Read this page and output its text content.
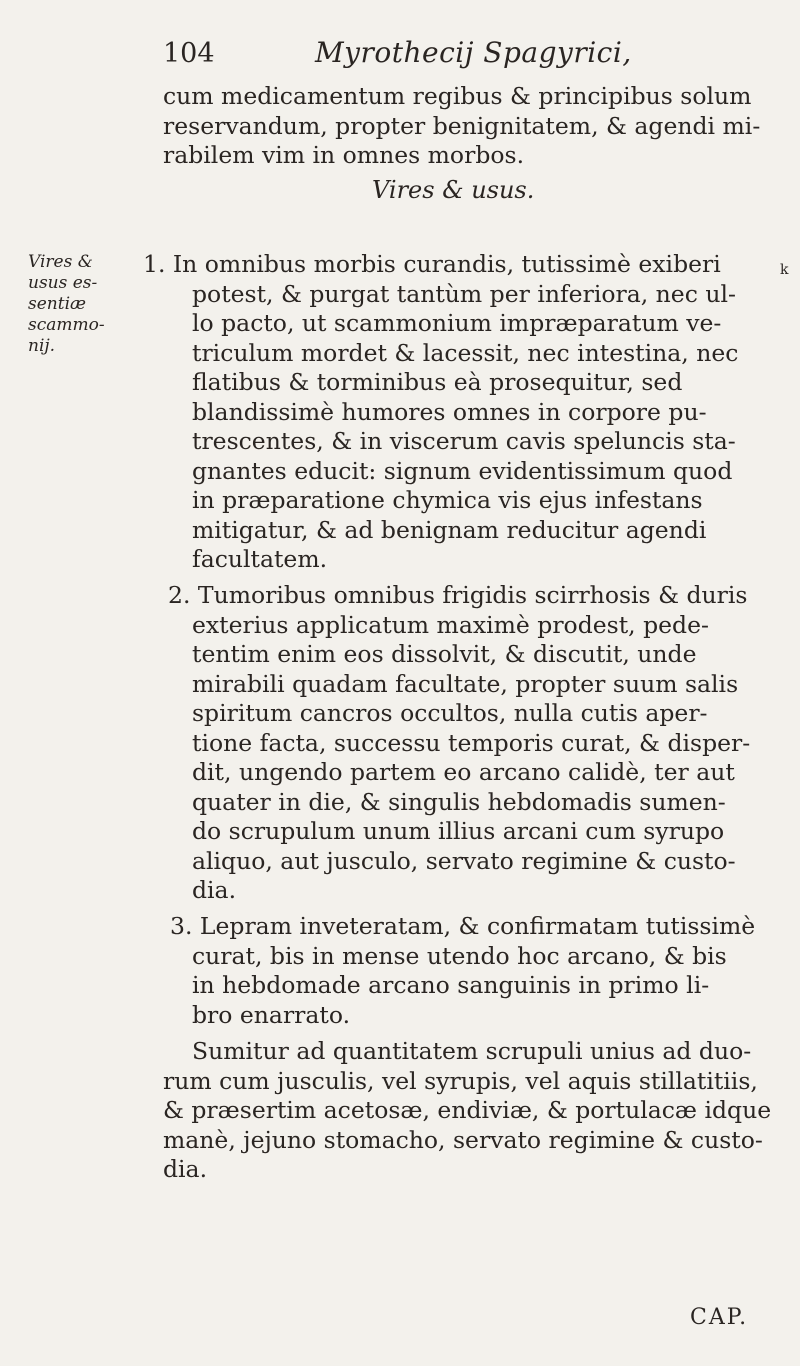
104	Myrothecij Spagyrici,
cum medicamentum regibus & principibus solum
reservandum, propter benignitatem, & agendi mi-
rabilem vim in omnes morbos.
1. In omnibus morbis curandis, tutissimè exiberi
potest, & purgat tantùm per inferiora, nec ul-
lo pacto, ut scammonium impræparatum ve-
triculum mordet & lacessit, nec intestina, nec
flatibus & torminibus eà prosequitur, sed
blandissimè humores omnes in corpore pu-
trescentes, & in viscerum cavis speluncis sta-
gnantes educit: signum evidentissimum quod
in præparatione chymica vis ejus infestans
mitigatur, & ad benignam reducitur agendi
facultatem.
2. Tumoribus omnibus frigidis scirrhosis & duris
exterius applicatum maximè prodest, pede-
tentim enim eos dissolvit, & discutit, unde
mirabili quadam facultate, propter suum salis
spiritum cancros occultos, nulla cutis aper-
tione facta, successu temporis curat, & disper-
dit, ungendo partem eo arcano calidè, ter aut
quater in die, & singulis hebdomadis sumen-
do scrupulum unum illius arcani cum syrupo
aliquo, aut jusculo, servato regimine & custo-
dia.
3. Lepram inveteratam, & confirmatam tutissimè
curat, bis in mense utendo hoc arcano, & bis
in hebdomade arcano sanguinis in primo li-
bro enarrato.
Sumitur ad quantitatem scrupuli unius ad duo-
rum cum jusculis, vel syrupis, vel aquis stillatitiis,
& præsertim acetosæ, endiviæ, & portulacæ idque
manè, jejuno stomacho, servato regimine & custo-
dia.
Vires & usus.
Vires &
usus es-
sentiæ
scammo-
nij.
k
CAP.
